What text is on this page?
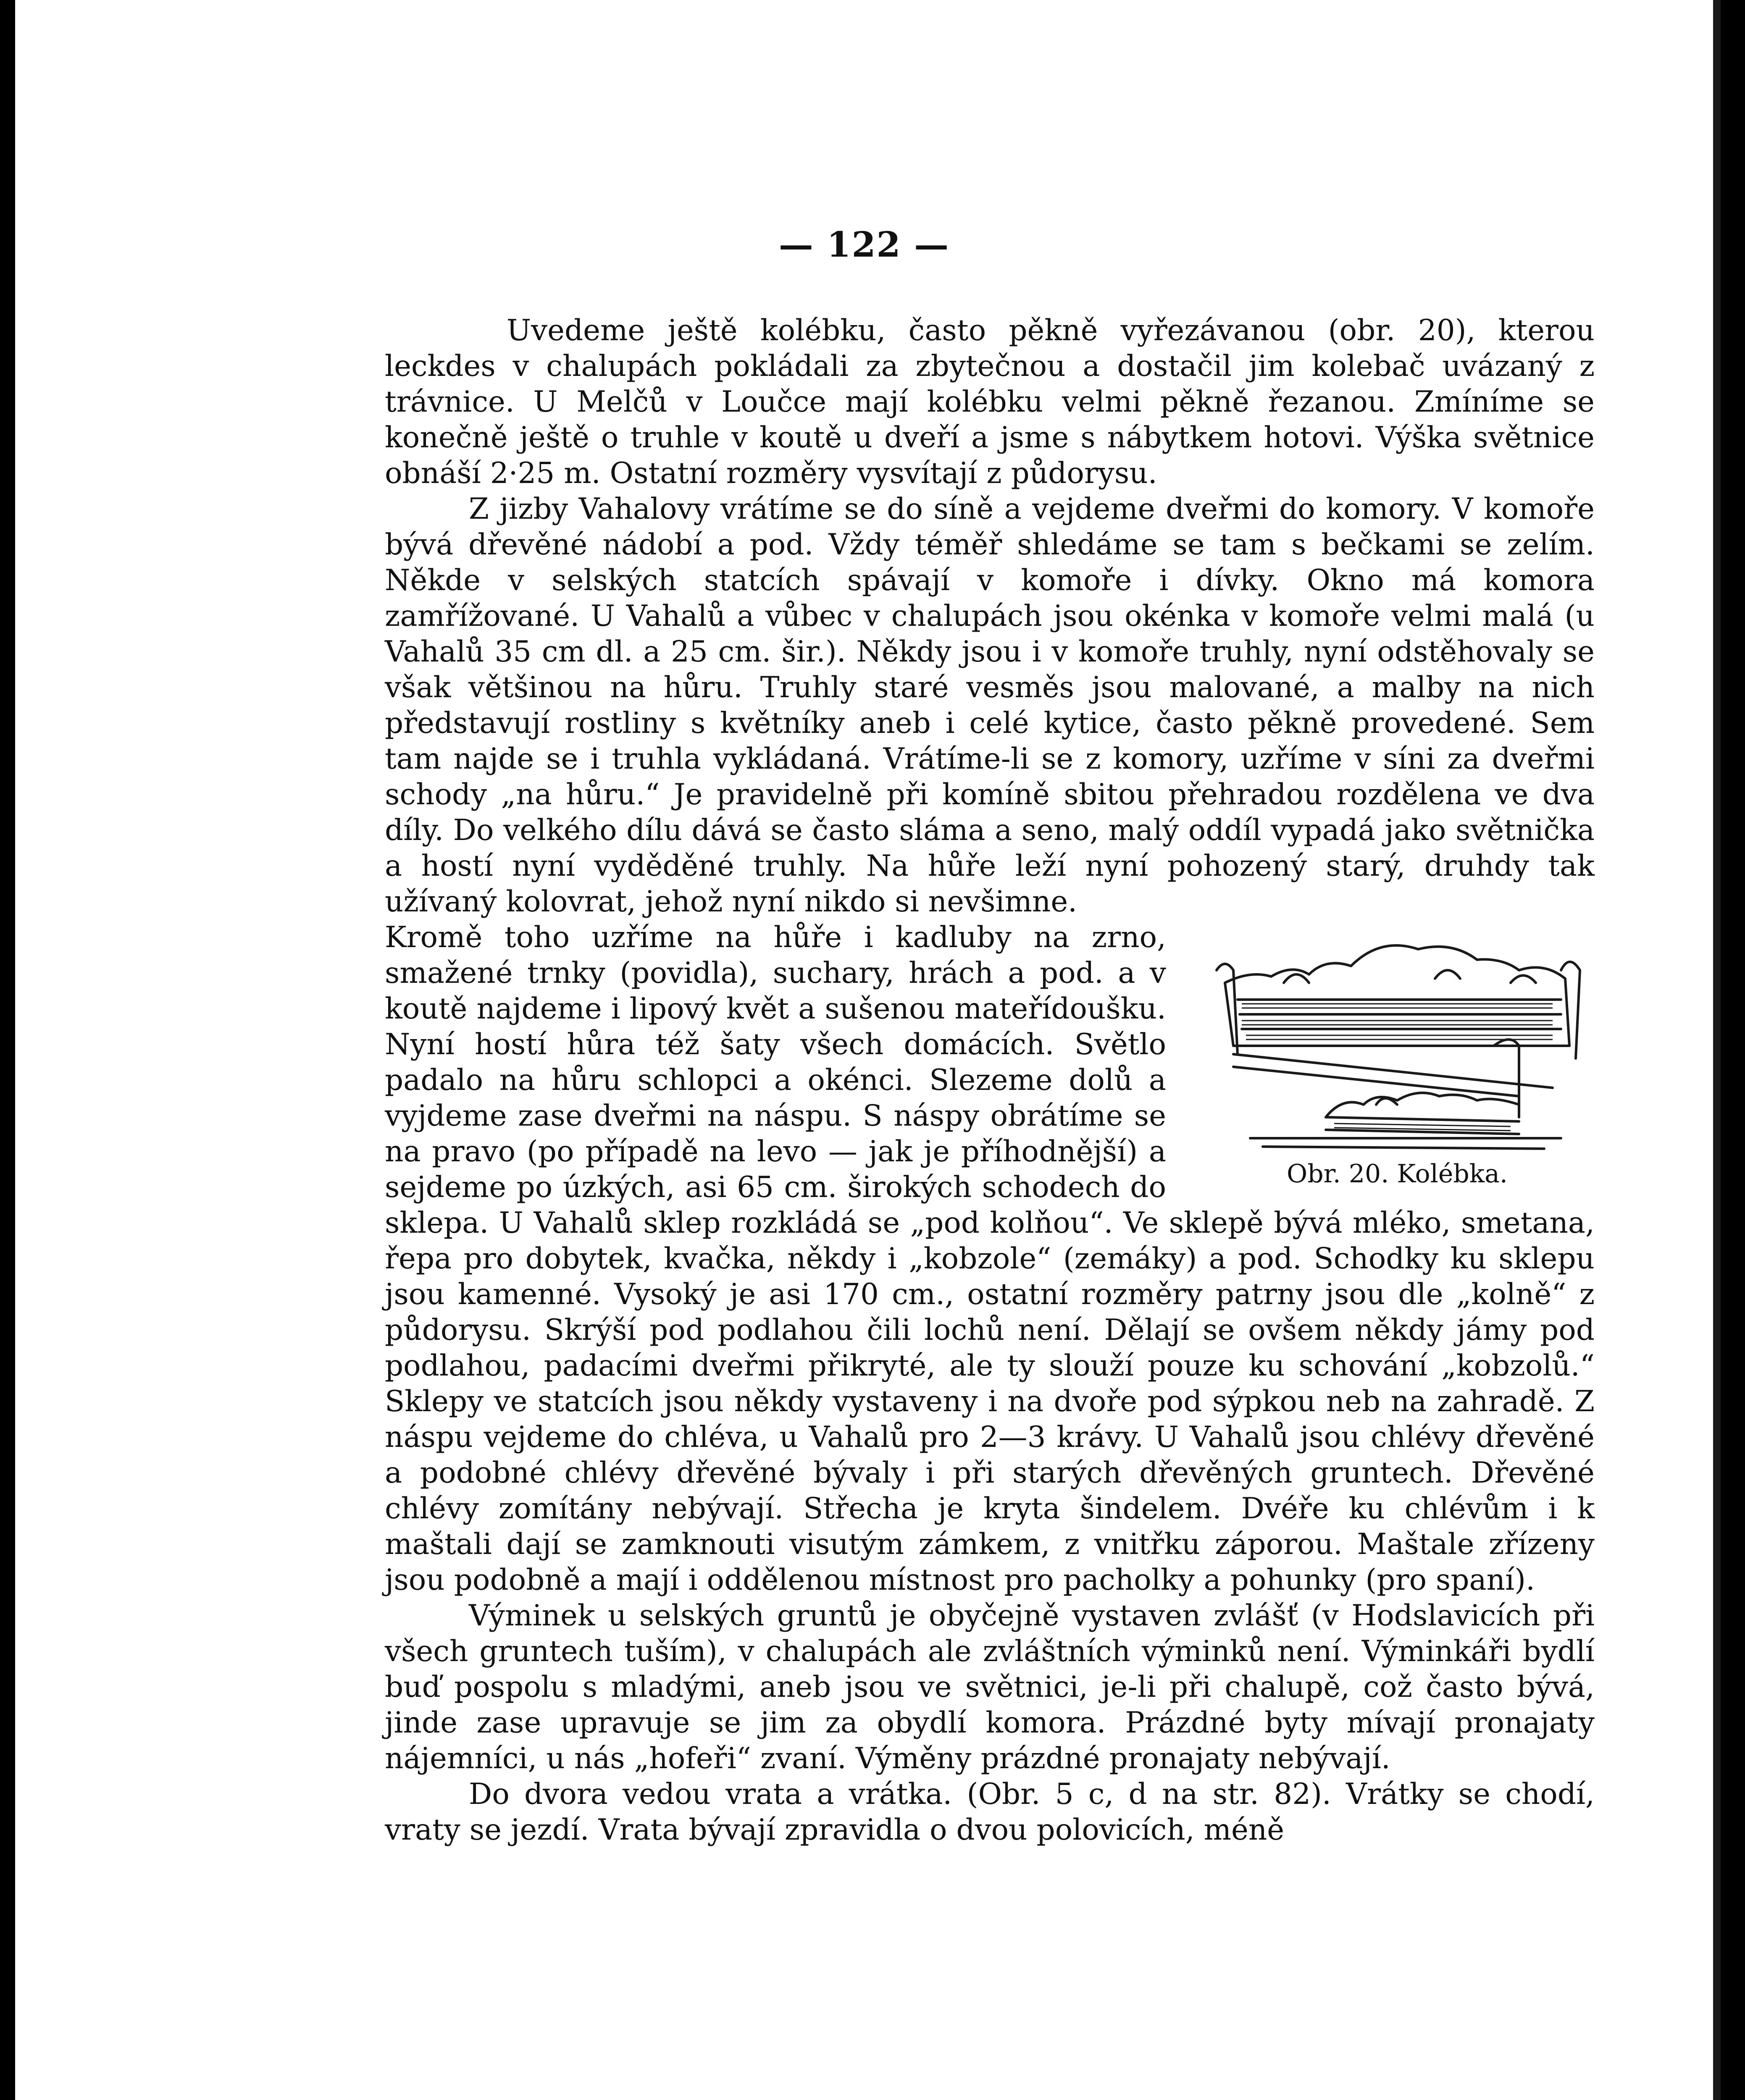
— 122 —

Uvedeme ještě kolébku, často pěkně vyřezávanou (obr. 20), kterou leckdes v chalupách pokládali za zbytečnou a dostačil jim kolebač uvázaný z trávnice. U Melčů v Loučce mají kolébku velmi pěkně řezanou. Zmíníme se konečně ještě o truhle v koutě u dveří a jsme s nábytkem hotovi. Výška světnice obnáší 2·25 m. Ostatní rozměry vysvítají z půdorysu.

Z jizby Vahalovy vrátíme se do síně a vejdeme dveřmi do komory. V komoře bývá dřevěné nádobí a pod. Vždy téměř shledáme se tam s bečkami se zelím. Někde v selských statcích spávají v komoře i dívky. Okno má komora zamřížované. U Vahalů a vůbec v chalupách jsou okénka v komoře velmi malá (u Vahalů 35 cm dl. a 25 cm. šir.). Někdy jsou i v komoře truhly, nyní odstěhovaly se však většinou na hůru. Truhly staré vesměs jsou malované, a malby na nich představují rostliny s květníky aneb i celé kytice, často pěkně provedené. Sem tam najde se i truhla vykládaná. Vrátíme-li se z komory, uzříme v síni za dveřmi schody „na hůru.“ Je pravidelně při komíně sbitou přehradou rozdělena ve dva díly. Do velkého dílu dává se často sláma a seno, malý oddíl vypadá jako světnička a hostí nyní vyděděné truhly. Na hůře leží nyní pohozený starý, druhdy tak užívaný kolovrat, jehož nyní nikdo si nevšimne.

Obr. 20. Kolébka.

Kromě toho uzříme na hůře i kadluby na zrno, smažené trnky (povidla), suchary, hrách a pod. a v koutě najdeme i lipový květ a sušenou mateřídoušku. Nyní hostí hůra též šaty všech domácích. Světlo padalo na hůru schlopci a okénci. Slezeme dolů a vyjdeme zase dveřmi na náspu. S náspy obrátíme se na pravo (po případě na levo — jak je příhodnější) a sejdeme po úzkých, asi 65 cm. širokých schodech do sklepa. U Vahalů sklep rozkládá se „pod kolňou“. Ve sklepě bývá mléko, smetana, řepa pro dobytek, kvačka, někdy i „kobzole“ (zemáky) a pod. Schodky ku sklepu jsou kamenné. Vysoký je asi 170 cm., ostatní rozměry patrny jsou dle „kolně“ z půdorysu. Skrýší pod podlahou čili lochů není. Dělají se ovšem někdy jámy pod podlahou, padacími dveřmi přikryté, ale ty slouží pouze ku schování „kobzolů.“ Sklepy ve statcích jsou někdy vystaveny i na dvoře pod sýpkou neb na zahradě. Z náspu vejdeme do chléva, u Vahalů pro 2—3 krávy. U Vahalů jsou chlévy dřevěné a podobné chlévy dřevěné bývaly i při starých dřevěných gruntech. Dřevěné chlévy zomítány nebývají. Střecha je kryta šindelem. Dvéře ku chlévům i k maštali dají se zamknouti visutým zámkem, z vnitřku záporou. Maštale zřízeny jsou podobně a mají i oddělenou místnost pro pacholky a pohunky (pro spaní).

Výminek u selských gruntů je obyčejně vystaven zvlášť (v Hodslavicích při všech gruntech tuším), v chalupách ale zvláštních výminků není. Výminkáři bydlí buď pospolu s mladými, aneb jsou ve světnici, je-li při chalupě, což často bývá, jinde zase upravuje se jim za obydlí komora. Prázdné byty mívají pronajaty nájemníci, u nás „hofeři“ zvaní. Výměny prázdné pronajaty nebývají.

Do dvora vedou vrata a vrátka. (Obr. 5 c, d na str. 82). Vrátky se chodí, vraty se jezdí. Vrata bývají zpravidla o dvou polovicích, méně
